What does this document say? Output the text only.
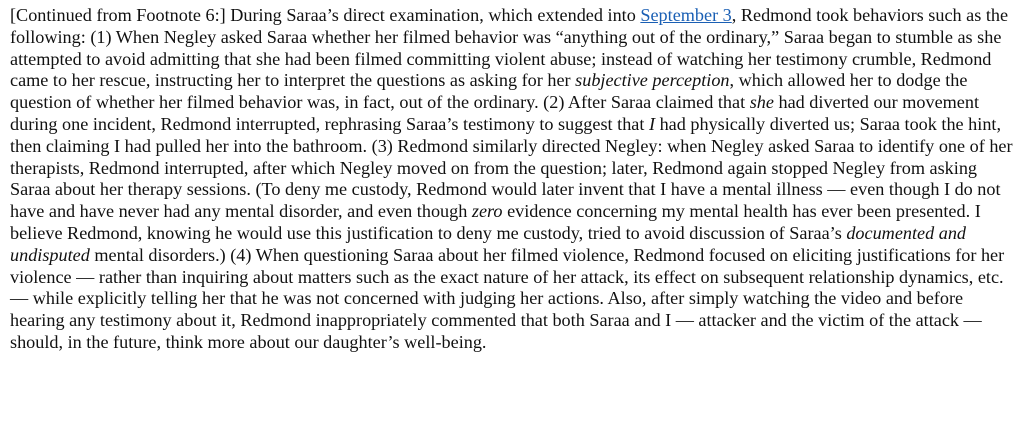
[Continued from Footnote 6:] During Saraa’s direct examination, which extended into September 3, Redmond took behaviors such as the following: (1) When Negley asked Saraa whether her filmed behavior was “anything out of the ordinary,” Saraa began to stumble as she attempted to avoid admitting that she had been filmed committing violent abuse; instead of watching her testimony crumble, Redmond came to her rescue, instructing her to interpret the questions as asking for her subjective perception, which allowed her to dodge the question of whether her filmed behavior was, in fact, out of the ordinary. (2) After Saraa claimed that she had diverted our movement during one incident, Redmond interrupted, rephrasing Saraa’s testimony to suggest that I had physically diverted us; Saraa took the hint, then claiming I had pulled her into the bathroom. (3) Redmond similarly directed Negley: when Negley asked Saraa to identify one of her therapists, Redmond interrupted, after which Negley moved on from the question; later, Redmond again stopped Negley from asking Saraa about her therapy sessions. (To deny me custody, Redmond would later invent that I have a mental illness — even though I do not have and have never had any mental disorder, and even though zero evidence concerning my mental health has ever been presented. I believe Redmond, knowing he would use this justification to deny me custody, tried to avoid discussion of Saraa’s documented and undisputed mental disorders.) (4) When questioning Saraa about her filmed violence, Redmond focused on eliciting justifications for her violence — rather than inquiring about matters such as the exact nature of her attack, its effect on subsequent relationship dynamics, etc. — while explicitly telling her that he was not concerned with judging her actions. Also, after simply watching the video and before hearing any testimony about it, Redmond inappropriately commented that both Saraa and I — attacker and the victim of the attack — should, in the future, think more about our daughter’s well-being.
